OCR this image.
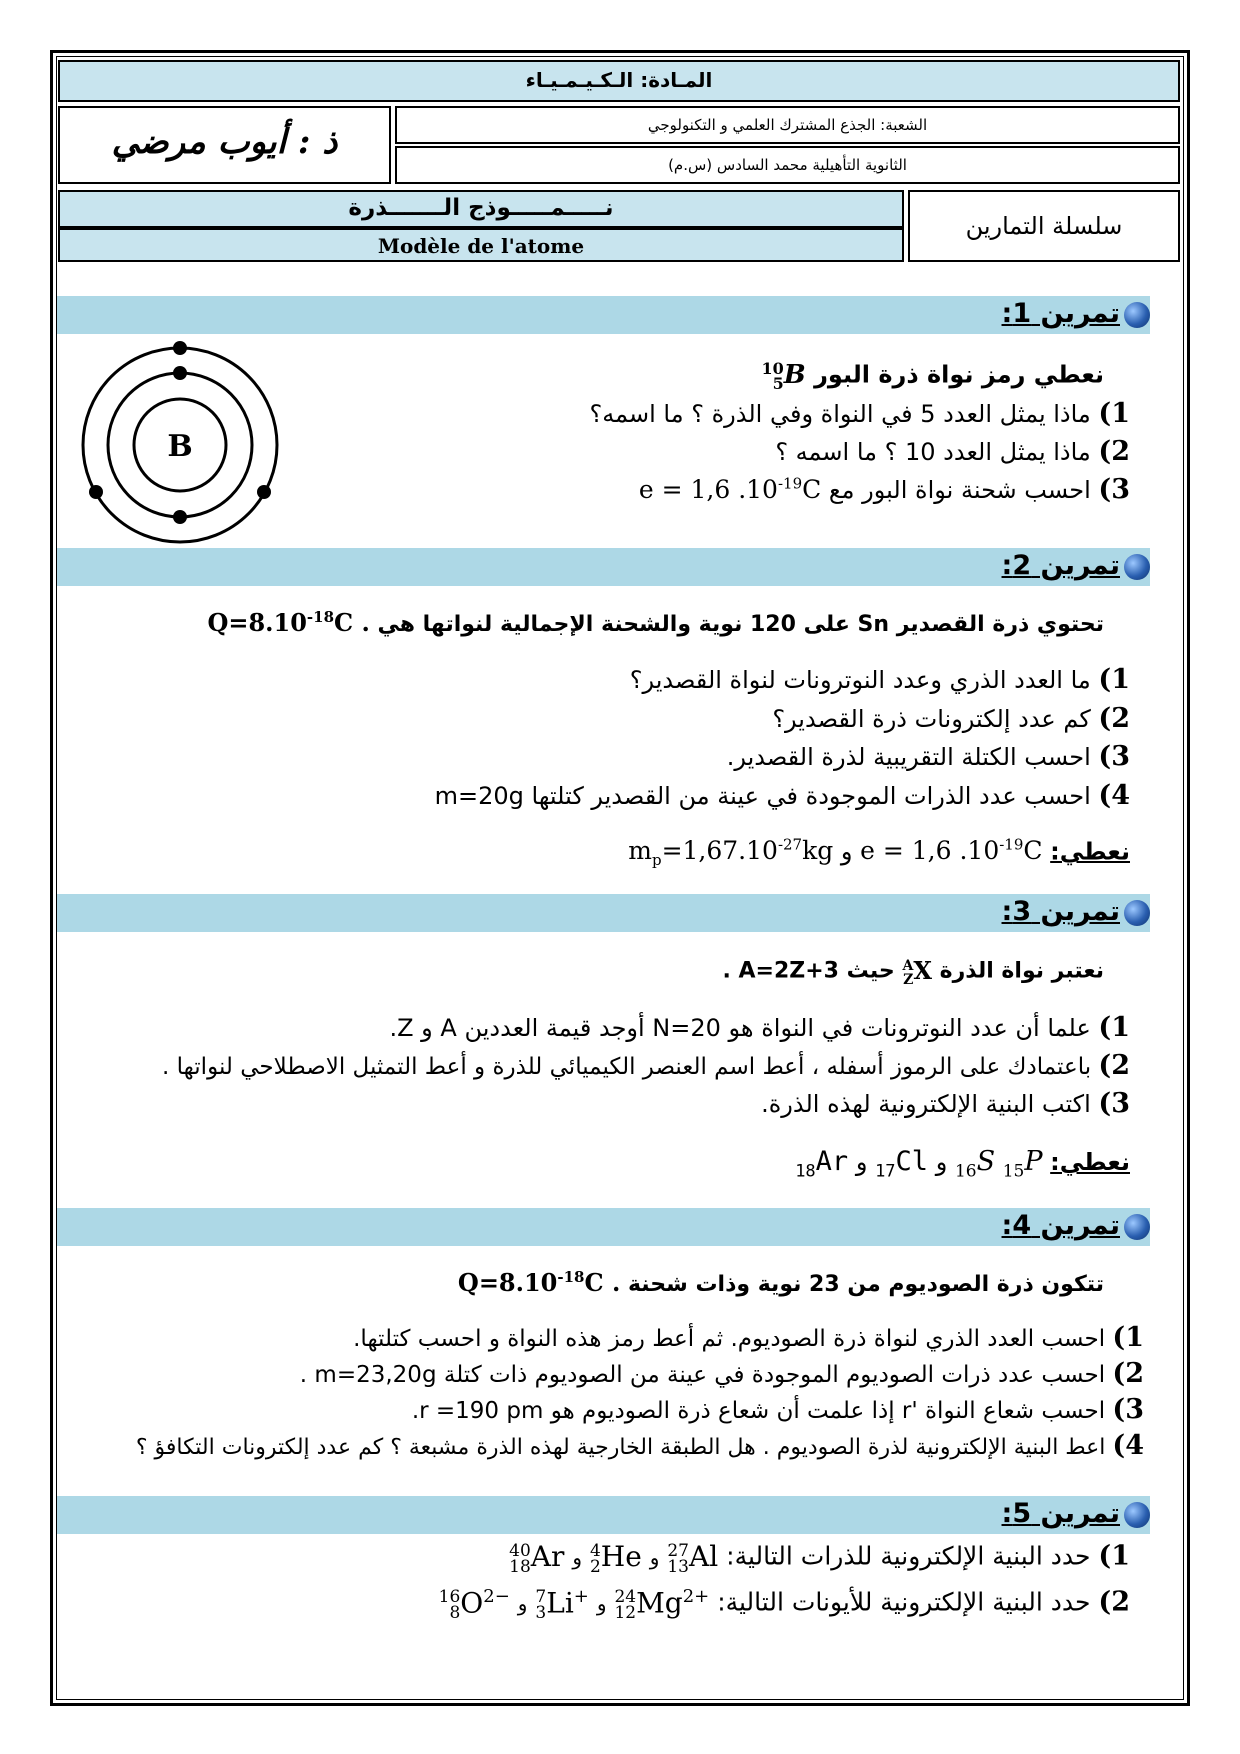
المـادة: الـكـيـمـيـاء
ذ : أيوب مرضي	الشعبة: الجذع المشترك العلمي و التكنولوجي
الثانوية التأهيلية محمد السادس (س.م)
نـــــمـــــوذج الـــــــذرة
Modèle de l'atome
سلسلة التمارين
تمرين 1:
B
نعطي رمز نواة ذرة البور 10
5B
1) ماذا يمثل العدد 5 في النواة وفي الذرة ؟ ما اسمه؟
2) ماذا يمثل العدد 10 ؟ ما اسمه ؟
3) احسب شحنة نواة البور مع e = 1,6 $.10^{-19}C$
تمرين 2:
تحتوي ذرة القصدير Sn على 120 نوية والشحنة الإجمالية لنواتها هي $Q=8.10^{-18}C$ .
1) ما العدد الذري وعدد النوترونات لنواة القصدير؟
2) كم عدد إلكترونات ذرة القصدير؟
3) احسب الكتلة التقريبية لذرة القصدير.
4) احسب عدد الذرات الموجودة في عينة من القصدير كتلتها m=20g
نعطي: e = 1,6 $.10^{-19}C$ و $m_p=1,67.10^{-27}kg$
تمرين 3:
نعتبر نواة الذرة A
ZX حيث A=2Z+3 .
1) علما أن عدد النوترونات في النواة هو N=20 أوجد قيمة العددين A و Z.
2) باعتمادك على الرموز أسفله ، أعط اسم العنصر الكيميائي للذرة و أعط التمثيل الاصطلاحي لنواتها .
3) اكتب البنية الإلكترونية لهذه الذرة.
نعطي: $_{15}$P $_{16}$S و $_{17}$Cl و $_{18}$Ar
تمرين 4:
تتكون ذرة الصوديوم من 23 نوية وذات شحنة $Q=8.10^{-18}C$ .
1) احسب العدد الذري لنواة ذرة الصوديوم. ثم أعط رمز هذه النواة و احسب كتلتها.
2) احسب عدد ذرات الصوديوم الموجودة في عينة من الصوديوم ذات كتلة m=23,20g .
3) احسب شعاع النواة 'r إذا علمت أن شعاع ذرة الصوديوم هو r =190 pm.
4) اعط البنية الإلكترونية لذرة الصوديوم . هل الطبقة الخارجية لهذه الذرة مشبعة ؟ كم عدد إلكترونات التكافؤ ؟
تمرين 5:
1) حدد البنية الإلكترونية للذرات التالية: 27
13Al و 4
2He و 40
18Ar
2) حدد البنية الإلكترونية للأيونات التالية: 24
$12Mg^{2+}$ و 7
3Li+ و 16
$8O^{2-}$
